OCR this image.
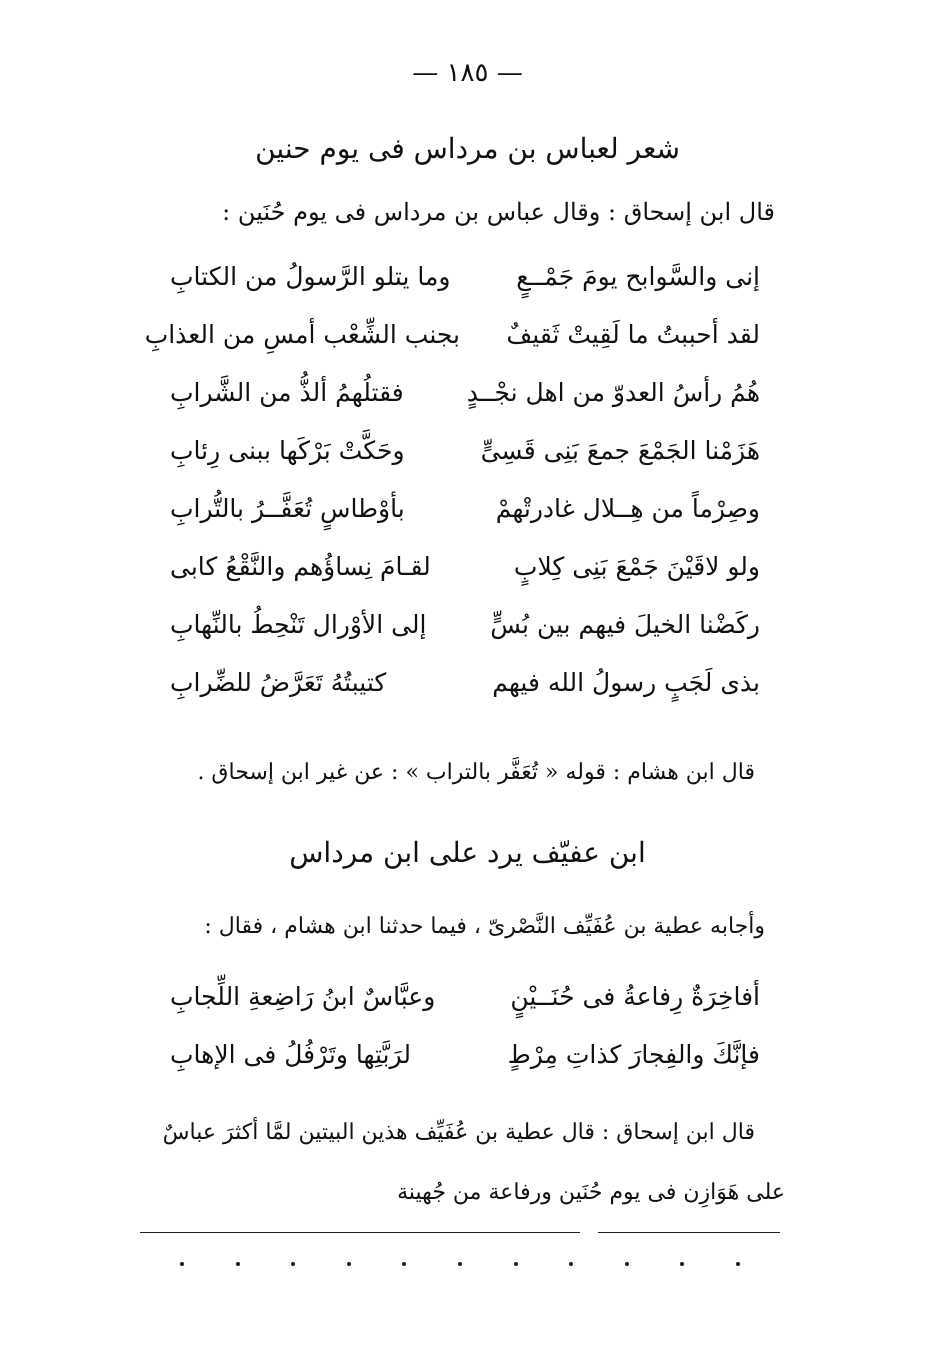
— ١٨٥ —
شعر لعباس بن مرداس فى يوم حنين
قال ابن إسحاق : وقال عباس بن مرداس فى يوم حُنَين :
إنى والسَّوابح يومَ جَمْــعٍ
وما يتلو الرَّسولُ من الكتابِ
لقد أحببتُ ما لَقِيتْ ثَقيفٌ
بجنب الشِّعْب أمسِ من العذابِ
هُمُ رأسُ العدوّ من اهل نجْــدٍ
فقتلُهمُ ألذُّ من الشَّرابِ
هَزَمْنا الجَمْعَ جمعَ بَنِى قَسِىٍّ
وحَكَّتْ بَرْكَها ببنى رِئابِ
وصِرْماً من هِــلال غادرتْهمْ
بأوْطاسٍ تُعَفَّــرُ بالتُّرابِ
ولو لاقَيْنَ جَمْعَ بَنِى كِلابٍ
لقـامَ نِساؤُهم والنَّقْعُ كابى
ركَضْنا الخيلَ فيهم بين بُسٍّ
إلى الأوْرال تَنْحِطُ بالنِّهابِ
بذى لَجَبٍ رسولُ الله فيهم
كتيبتُهُ تَعَرَّضُ للضِّرابِ
قال ابن هشام : قوله « تُعَفَّر بالتراب » : عن غير ابن إسحاق .
ابن عفيّف يرد على ابن مرداس
وأجابه عطية بن عُفَيِّف النَّصْرىّ ، فيما حدثنا ابن هشام ، فقال :
أفاخِرَةٌ رِفاعةُ فى حُنَــيْنٍ
وعبَّاسٌ ابنُ رَاضِعةِ اللِّجابِ
فإنَّكَ والفِجارَ كذاتِ مِرْطٍ
لرَبَّتِها وتَرْفُلُ فى الإهابِ
قال ابن إسحاق : قال عطية بن عُفَيِّف هذين البيتين لمَّا أكثرَ عباسٌ
على هَوَازِن فى يوم حُنَين ورفاعة من جُهينة
